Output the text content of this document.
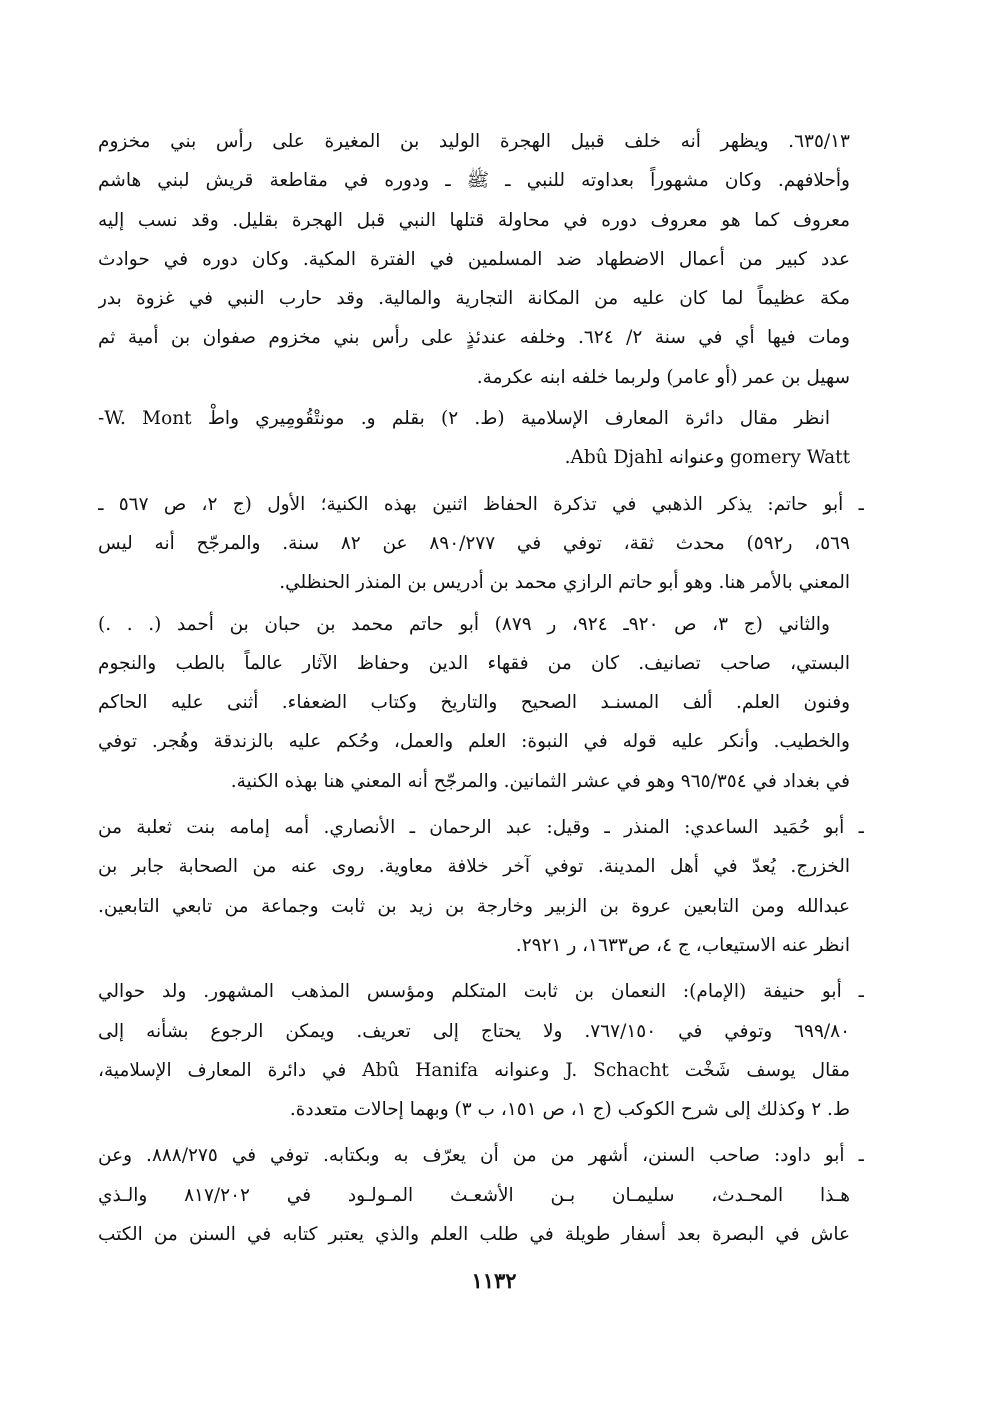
٦٣٥/١٣. ويظهر أنه خلف قبيل الهجرة الوليد بن المغيرة على رأس بني مخزوم
وأحلافهم. وكان مشهوراً بعداوته للنبي ـ ﷺ ـ ودوره في مقاطعة قريش لبني هاشم
معروف كما هو معروف دوره في محاولة قتلها النبي قبل الهجرة بقليل. وقد نسب إليه
عدد كبير من أعمال الاضطهاد ضد المسلمين في الفترة المكية. وكان دوره في حوادث
مكة عظيماً لما كان عليه من المكانة التجارية والمالية. وقد حارب النبي في غزوة بدر
ومات فيها أي في سنة ٢/ ٦٢٤. وخلفه عندئذٍ على رأس بني مخزوم صفوان بن أمية ثم
سهيل بن عمر (أو عامر) ولربما خلفه ابنه عكرمة.
انظر مقال دائرة المعارف الإسلامية (ط. ٢) بقلم و. مونتْقُومِيري واطْ W. Mont-
gomery Watt وعنوانه Abû Djahl.
ـ أبو حاتم: يذكر الذهبي في تذكرة الحفاظ اثنين بهذه الكنية؛ الأول (ج ٢، ص ٥٦٧ ـ
٥٦٩، ر٥٩٢) محدث ثقة، توفي في ٨٩٠/٢٧٧ عن ٨٢ سنة. والمرجّح أنه ليس
المعني بالأمر هنا. وهو أبو حاتم الرازي محمد بن أدريس بن المنذر الحنظلي.
والثاني (ج ٣، ص ٩٢٠ـ ٩٢٤، ر ٨٧٩) أبو حاتم محمد بن حبان بن أحمد (. . .)
البستي، صاحب تصانيف. كان من فقهاء الدين وحفاظ الآثار عالماً بالطب والنجوم
وفنون العلم. ألف المسنـد الصحيح والتاريخ وكتاب الضعفاء. أثنى عليه الحاكم
والخطيب. وأنكر عليه قوله في النبوة: العلم والعمل، وحُكم عليه بالزندقة وهُجر. توفي
في بغداد في ٩٦٥/٣٥٤ وهو في عشر الثمانين. والمرجّح أنه المعني هنا بهذه الكنية.
ـ أبو حُمَيد الساعدي: المنذر ـ وقيل: عبد الرحمان ـ الأنصاري. أمه إمامه بنت ثعلبة من
الخزرج. يُعدّ في أهل المدينة. توفي آخر خلافة معاوية. روى عنه من الصحابة جابر بن
عبدالله ومن التابعين عروة بن الزبير وخارجة بن زيد بن ثابت وجماعة من تابعي التابعين.
انظر عنه الاستيعاب، ج ٤، ص١٦٣٣، ر ٢٩٢١.
ـ أبو حنيفة (الإمام): النعمان بن ثابت المتكلم ومؤسس المذهب المشهور. ولد حوالي
٦٩٩/٨٠ وتوفي في ٧٦٧/١٥٠. ولا يحتاج إلى تعريف. ويمكن الرجوع بشأنه إلى
مقال يوسف شَخْت J. Schacht وعنوانه Abû Hanifa في دائرة المعارف الإسلامية،
ط. ٢ وكذلك إلى شرح الكوكب (ج ١، ص ١٥١، ب ٣) وبهما إحالات متعددة.
ـ أبو داود: صاحب السنن، أشهر من من أن يعرّف به وبكتابه. توفي في ٨٨٨/٢٧٥. وعن
هـذا المحـدث، سليمـان بـن الأشعـث المـولـود في ٨١٧/٢٠٢ والـذي
عاش في البصرة بعد أسفار طويلة في طلب العلم والذي يعتبر كتابه في السنن من الكتب
١١٣٢
